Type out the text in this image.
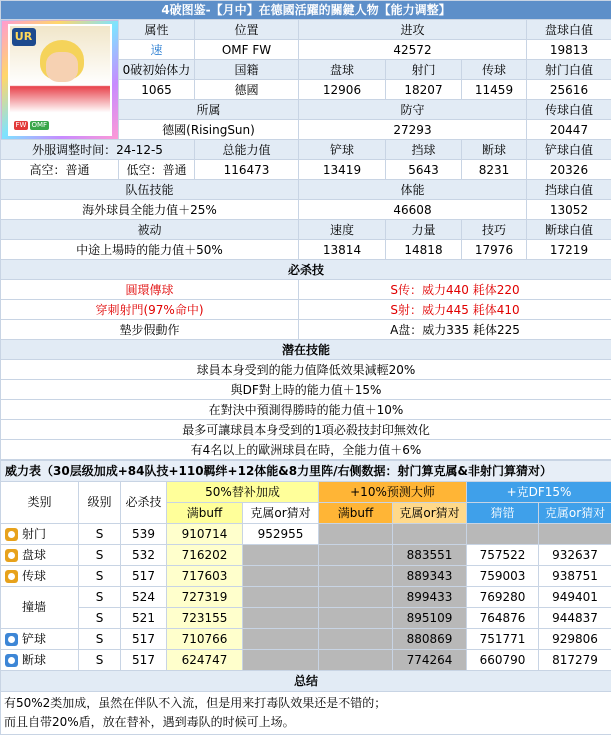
4破图鉴-【月中】在德國活躍的關鍵人物【能力调整】						

UR
FW OMF	属性	位置	进攻			盘球白值
	速	OMF FW	42572			19813
	0破初始体力	国籍	盘球	射门	传球	射门白值
	1065	德國	12906	18207	11459	25616
	所属		防守			传球白值
	德國(RisingSun)		27293			20447
外服调整时间：24-12-5		总能力值	铲球	挡球	断球	铲球白值
高空：普通	低空：普通	116473	13419	5643	8231	20326
队伍技能			体能			挡球白值
海外球員全能力值＋25%			46608			13052
被动			速度	力量	技巧	断球白值
中途上場時的能力值＋50%			13814	14818	17976	17219
必杀技						
圓環傳球			S传：威力440 耗体220			
穿刺射門(97%命中)			S射：威力445 耗体410			
墊步假動作			A盘：威力335 耗体225			
潜在技能						
球員本身受到的能力值降低效果減輕20%						
與DF對上時的能力值＋15%						
在對決中預測得勝時的能力值＋10%						
最多可讓球員本身受到的1項必殺技封印無效化						
有4名以上的歐洲球員在時，全能力值＋6%						
威力表（30层级加成+84队技+110羁绊+12体能&8力里阵/右侧数据：射门算克属&非射门算猜对）								
类别	级别	必杀技	50%替补加成		+10%预测大师		+克DF15%	
			满buff	克属or猜对	满buff	克属or猜对	猜错	克属or猜对
射门	S	539	910714	952955				
盘球	S	532	716202			883551	757522	932637
传球	S	517	717603			889343	759003	938751
撞墙	S	524	727319			899433	769280	949401
	S	521	723155			895109	764876	944837
铲球	S	517	710766			880869	751771	929806
断球	S	517	624747			774264	660790	817279
总结								

有50%2类加成，虽然在伴队不入流，但是用来打毒队效果还是不错的；
而且自带20%盾，放在替补，遇到毒队的时候可上场。								
